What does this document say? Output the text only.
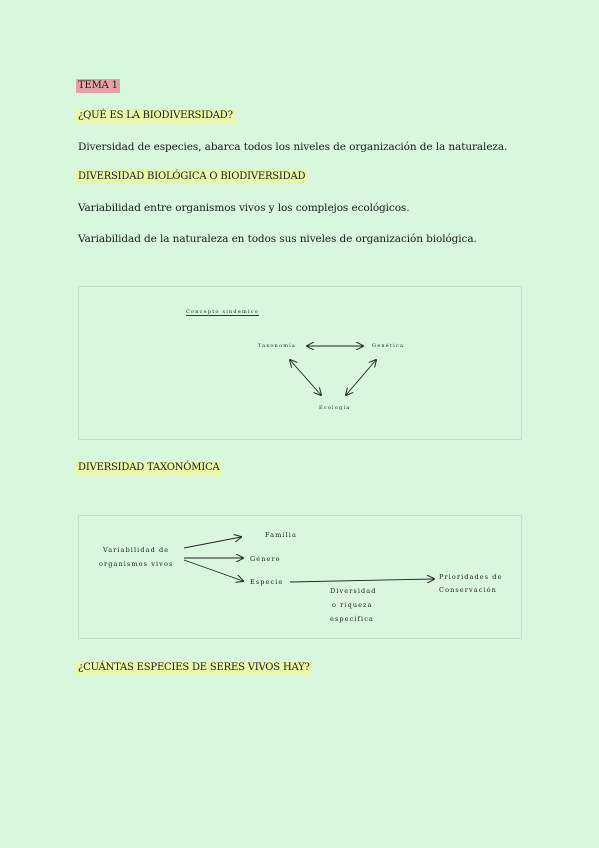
TEMA 1
¿QUÉ ES LA BIODIVERSIDAD?
Diversidad de especies, abarca todos los niveles de organización de la naturaleza.
DIVERSIDAD BIOLÓGICA O BIODIVERSIDAD
Variabilidad entre organismos vivos y los complejos ecológicos.
Variabilidad de la naturaleza en todos sus niveles de organización biológica.
Concepto sindemico
Taxonomía	Genética
Ecología
DIVERSIDAD TAXONÓMICA
Variabilidad de
organismos vivos
Familia
Género
Especie
Diversidad
o riqueza
específica
Prioridades de
Conservación
¿CUÁNTAS ESPECIES DE SERES VIVOS HAY?
